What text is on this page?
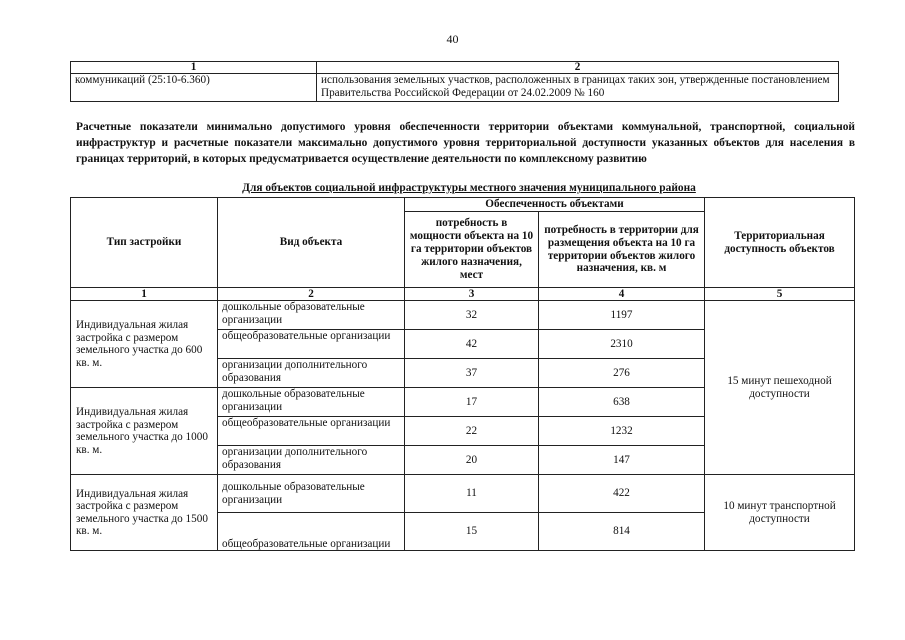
40
1	2
коммуникаций (25:10-6.360)	использования земельных участков, расположенных в границах таких зон, утвержденные постановлением Правительства Российской Федерации от 24.02.2009 № 160
Расчетные показатели минимально допустимого уровня обеспеченности территории объектами коммунальной, транспортной, социальной инфраструктур и расчетные показатели максимально допустимого уровня территориальной доступности указанных объектов для населения в границах территорий, в которых предусматривается осуществление деятельности по комплексному развитию
Для объектов социальной инфраструктуры местного значения муниципального района
Тип застройки	Вид объекта	Обеспеченность объектами		Территориальная доступность объектов
		потребность в мощности объекта на 10 га территории объектов жилого назначения, мест	потребность в территории для размещения объекта на 10 га территории объектов жилого назначения, кв. м	
1	2	3	4	5
Индивидуальная жилая застройка с размером земельного участка до 600 кв. м.	дошкольные образовательные организации	32	1197	15 минут пешеходной доступности
	общеобразовательные организации	42	2310	
	организации дополнительного образования	37	276	
Индивидуальная жилая застройка с размером земельного участка до 1000 кв. м.	дошкольные образовательные организации	17	638	
	общеобразовательные организации	22	1232	
	организации дополнительного образования	20	147	
Индивидуальная жилая застройка с размером земельного участка до 1500 кв. м.	дошкольные образовательные организации	11	422	10 минут транспортной доступности
	общеобразовательные организации	15	814	
